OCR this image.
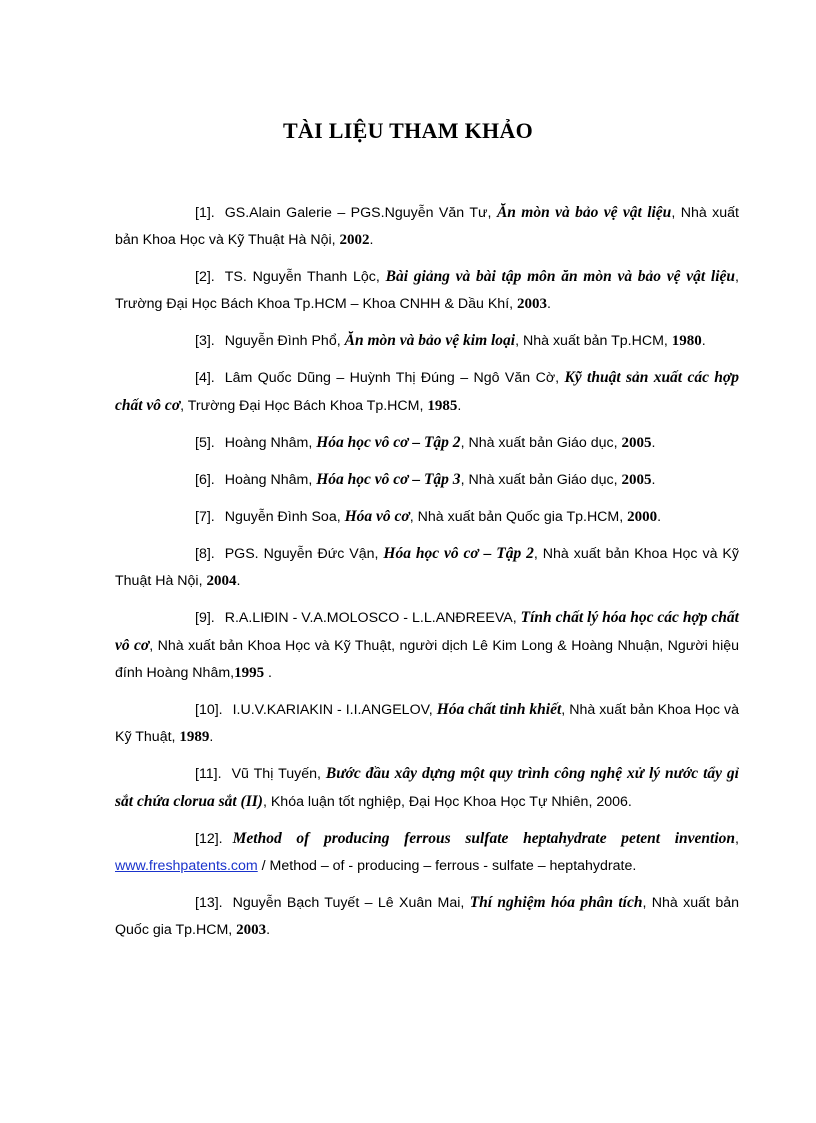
TÀI LIỆU THAM KHẢO

[1]. GS.Alain Galerie – PGS.Nguyễn Văn Tư, Ăn mòn và bảo vệ vật liệu, Nhà xuất bản Khoa Học và Kỹ Thuật Hà Nội, 2002.

[2]. TS. Nguyễn Thanh Lộc, Bài giảng và bài tập môn ăn mòn và bảo vệ vật liệu, Trường Đại Học Bách Khoa Tp.HCM – Khoa CNHH & Dầu Khí, 2003.

[3]. Nguyễn Đình Phổ, Ăn mòn và bảo vệ kim loại, Nhà xuất bản Tp.HCM, 1980.

[4]. Lâm Quốc Dũng – Huỳnh Thị Đúng – Ngô Văn Cờ, Kỹ thuật sản xuất các hợp chất vô cơ, Trường Đại Học Bách Khoa Tp.HCM, 1985.

[5]. Hoàng Nhâm, Hóa học vô cơ – Tập 2, Nhà xuất bản Giáo dục, 2005.

[6]. Hoàng Nhâm, Hóa học vô cơ – Tập 3, Nhà xuất bản Giáo dục, 2005.

[7]. Nguyễn Đình Soa, Hóa vô cơ, Nhà xuất bản Quốc gia Tp.HCM, 2000.

[8]. PGS. Nguyễn Đức Vận, Hóa học vô cơ – Tập 2, Nhà xuất bản Khoa Học và Kỹ Thuật Hà Nội, 2004.

[9]. R.A.LIĐIN - V.A.MOLOSCO - L.L.ANĐREEVA, Tính chất lý hóa học các hợp chất vô cơ, Nhà xuất bản Khoa Học và Kỹ Thuật, người dịch Lê Kim Long & Hoàng Nhuận, Người hiệu đính Hoàng Nhâm,1995 .

[10]. I.U.V.KARIAKIN - I.I.ANGELOV, Hóa chất tinh khiết, Nhà xuất bản Khoa Học và Kỹ Thuật, 1989.

[11]. Vũ Thị Tuyến, Bước đầu xây dựng một quy trình công nghệ xử lý nước tẩy gỉ sắt chứa clorua sắt (II), Khóa luận tốt nghiệp, Đại Học Khoa Học Tự Nhiên, 2006.

[12]. Method of producing ferrous sulfate heptahydrate petent invention, www.freshpatents.com / Method – of - producing – ferrous - sulfate – heptahydrate.

[13]. Nguyễn Bạch Tuyết – Lê Xuân Mai, Thí nghiệm hóa phân tích, Nhà xuất bản Quốc gia Tp.HCM, 2003.
